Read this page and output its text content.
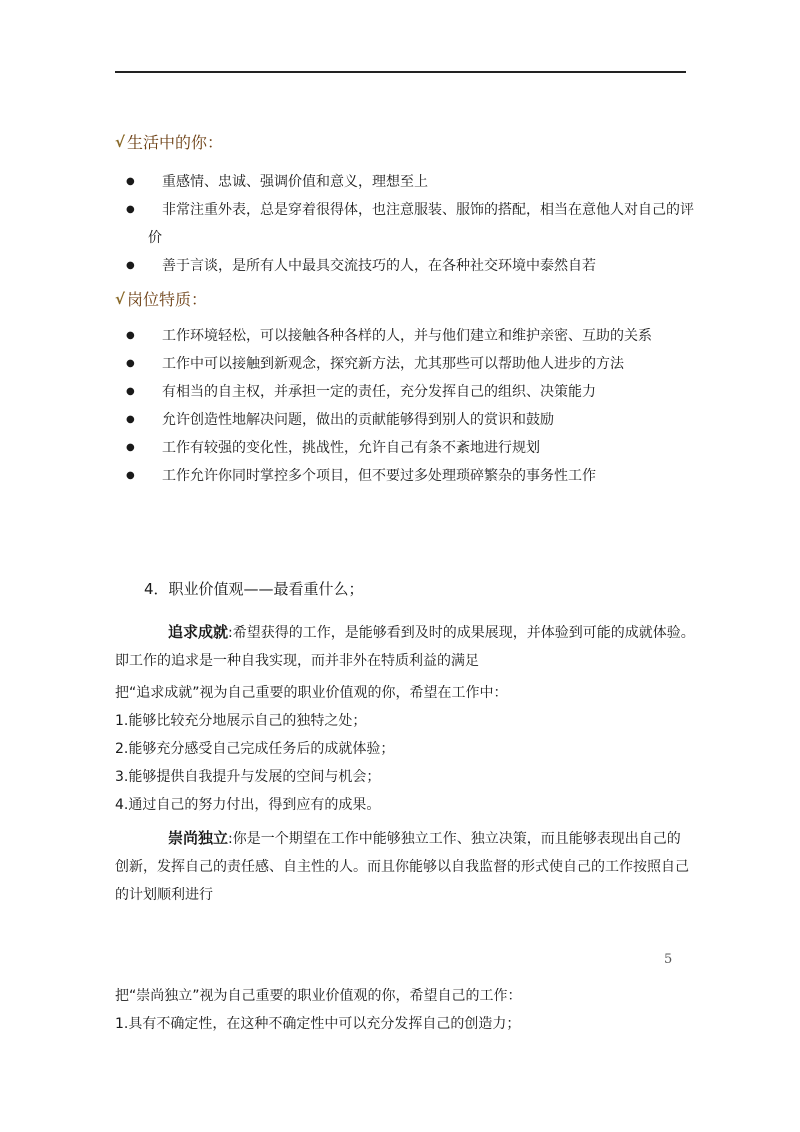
√ 生活中的你：
● 重感情、忠诚、强调价值和意义，理想至上
● 非常注重外表，总是穿着很得体，也注意服装、服饰的搭配，相当在意他人对自己的评
价
● 善于言谈，是所有人中最具交流技巧的人，在各种社交环境中泰然自若
√ 岗位特质：
● 工作环境轻松，可以接触各种各样的人，并与他们建立和维护亲密、互助的关系
● 工作中可以接触到新观念，探究新方法，尤其那些可以帮助他人进步的方法
● 有相当的自主权，并承担一定的责任，充分发挥自己的组织、决策能力
● 允许创造性地解决问题，做出的贡献能够得到别人的赏识和鼓励
● 工作有较强的变化性，挑战性，允许自己有条不紊地进行规划
● 工作允许你同时掌控多个项目，但不要过多处理琐碎繁杂的事务性工作
4．职业价值观——最看重什么；
追求成就:希望获得的工作，是能够看到及时的成果展现，并体验到可能的成就体验。
即工作的追求是一种自我实现，而并非外在特质利益的满足
把“追求成就”视为自己重要的职业价值观的你，希望在工作中：
1.能够比较充分地展示自己的独特之处；
2.能够充分感受自己完成任务后的成就体验；
3.能够提供自我提升与发展的空间与机会；
4.通过自己的努力付出，得到应有的成果。
崇尚独立:你是一个期望在工作中能够独立工作、独立决策，而且能够表现出自己的
创新，发挥自己的责任感、自主性的人。而且你能够以自我监督的形式使自己的工作按照自己
的计划顺利进行
5
把“崇尚独立”视为自己重要的职业价值观的你，希望自己的工作：
1.具有不确定性，在这种不确定性中可以充分发挥自己的创造力；
